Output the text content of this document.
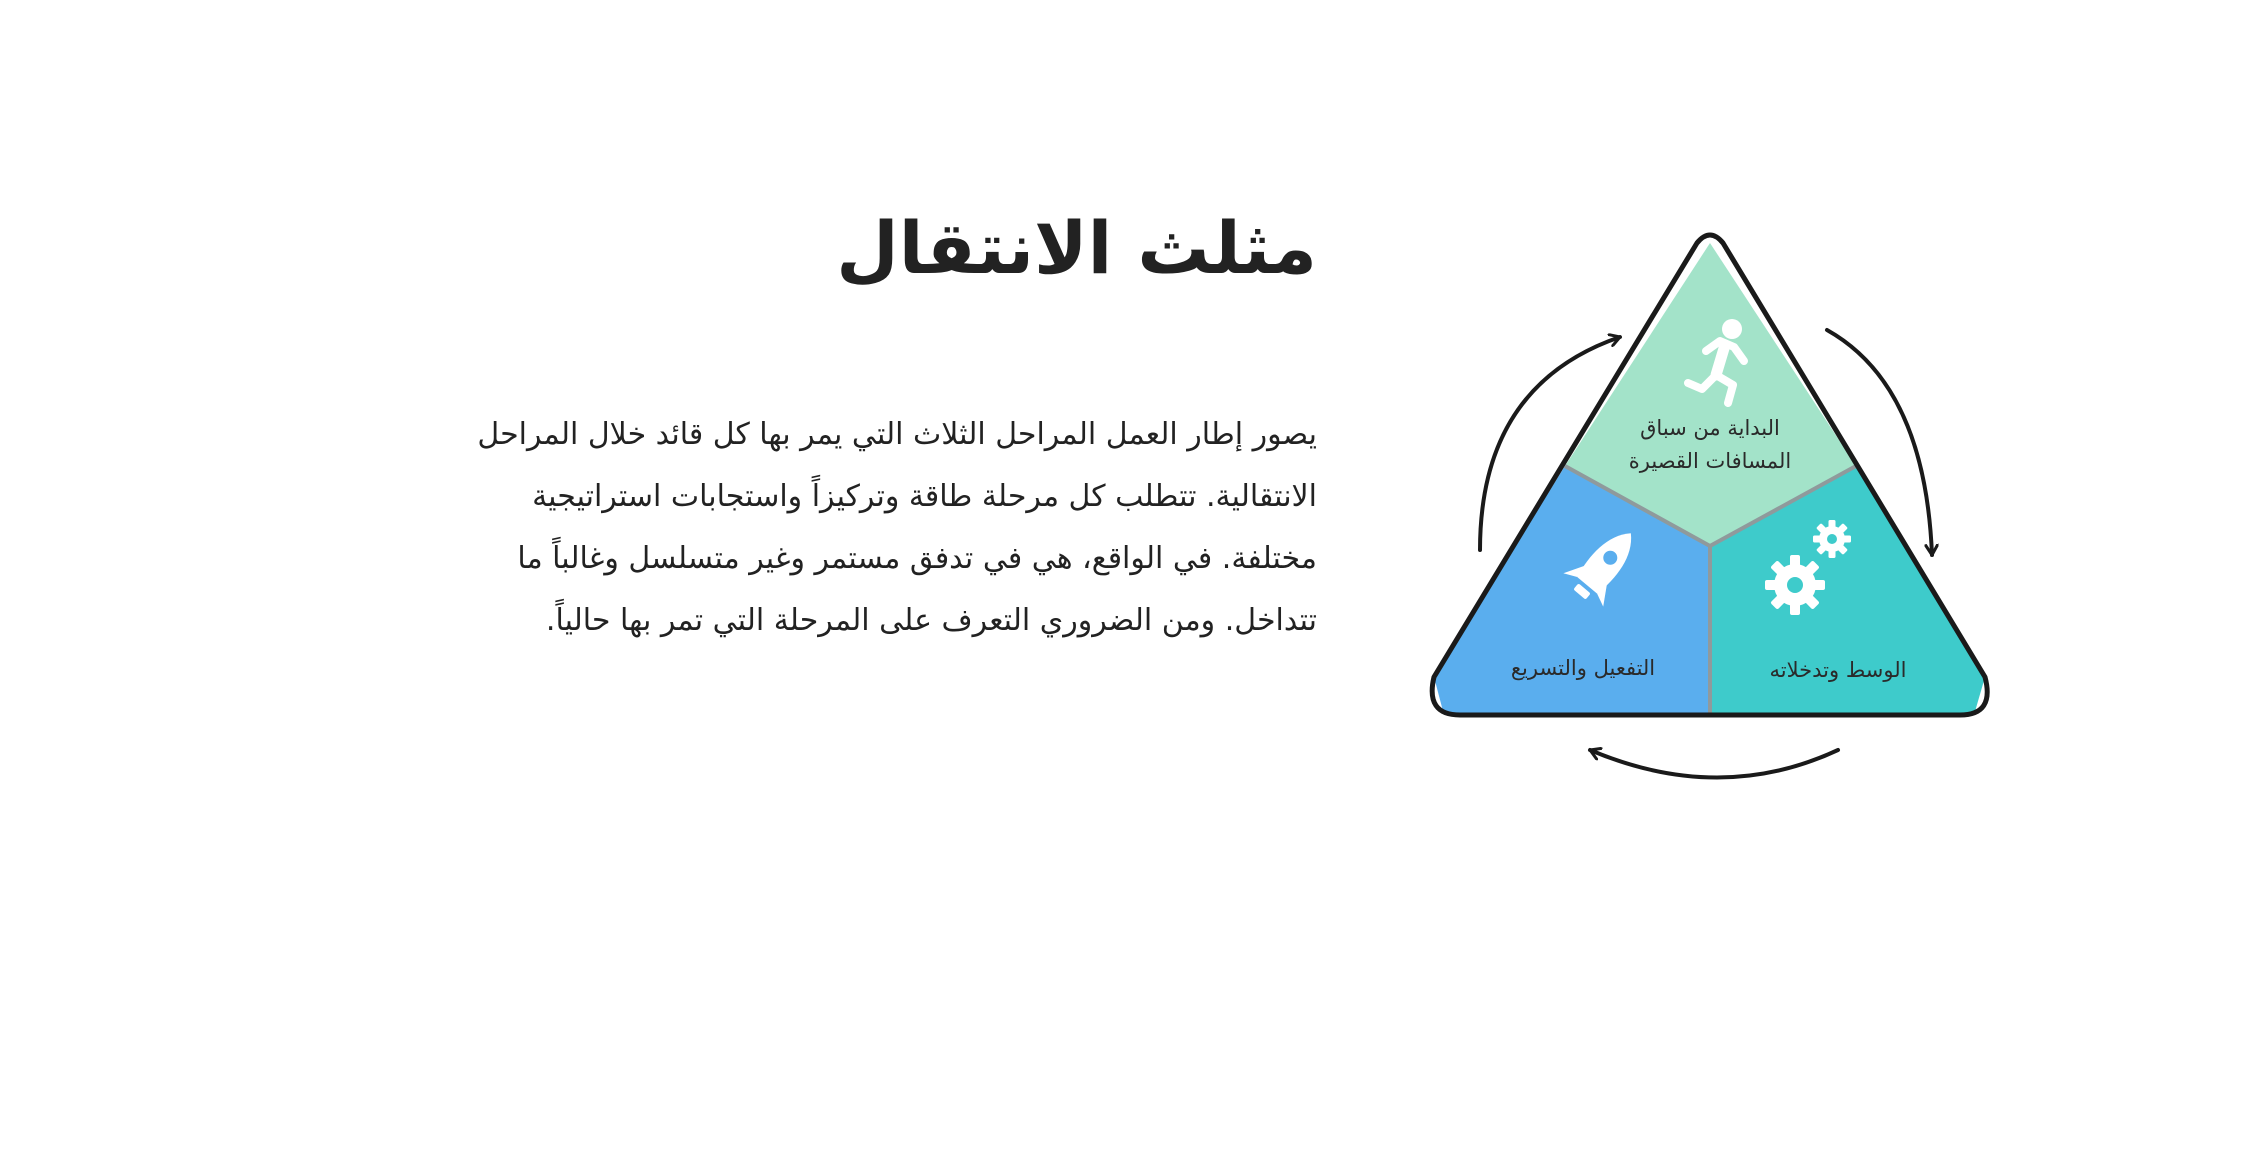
مثلث الانتقال

يصور إطار العمل المراحل الثلاث التي يمر بها كل قائد خلال المراحل الانتقالية. تتطلب كل مرحلة طاقة وتركيزاً واستجابات استراتيجية مختلفة. في الواقع، هي في تدفق مستمر وغير متسلسل وغالباً ما تتداخل. ومن الضروري التعرف على المرحلة التي تمر بها حالياً.

البداية من سباق
المسافات القصيرة
التفعيل والتسريع	الوسط وتدخلاته
